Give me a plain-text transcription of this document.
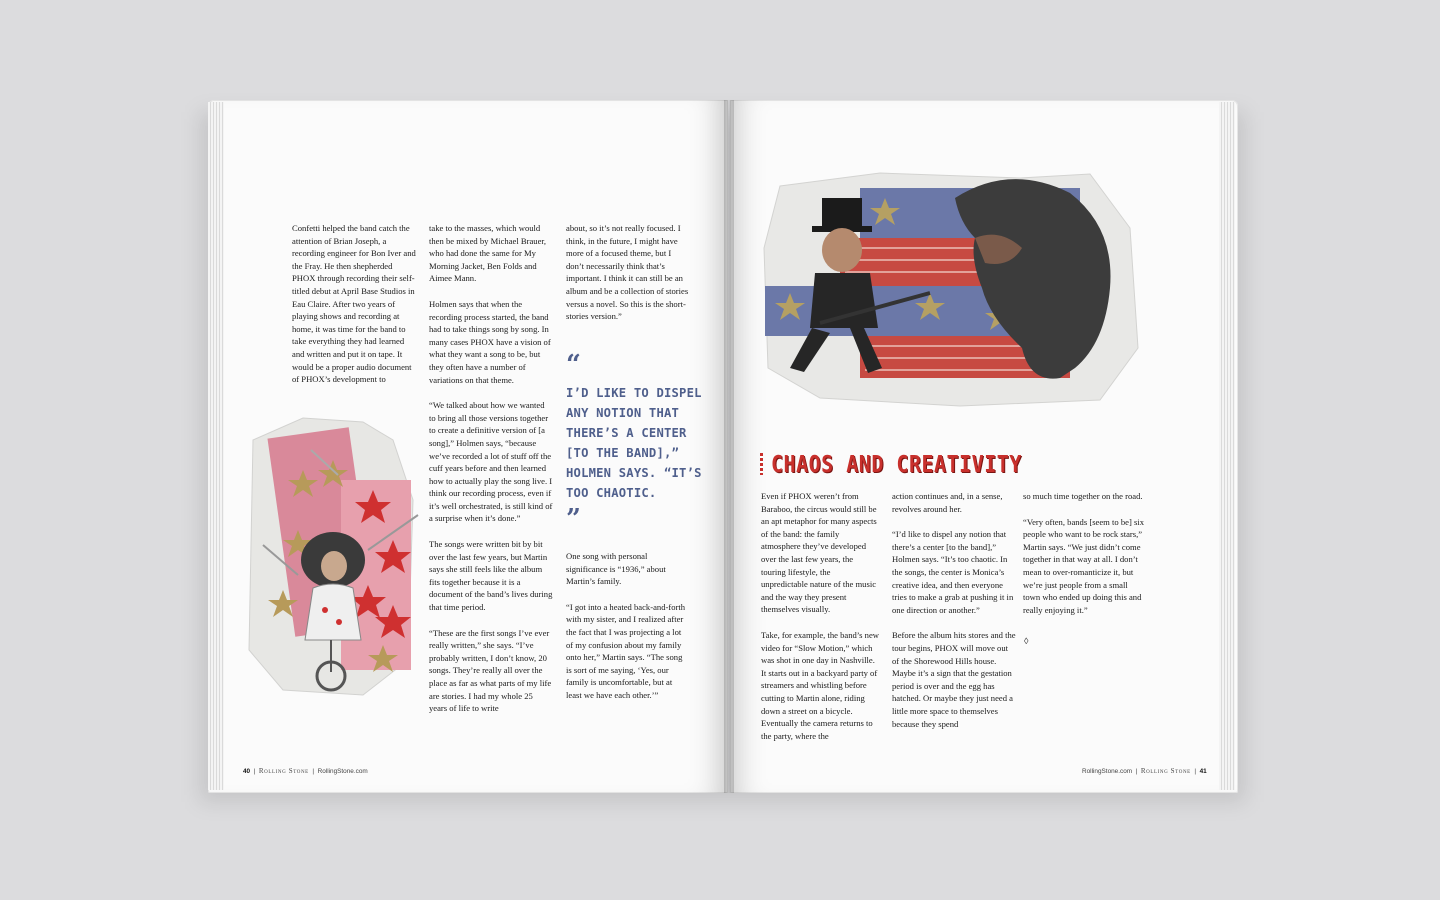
Confetti helped the band catch the attention of Brian Joseph, a recording engineer for Bon Iver and the Fray. He then shepherded PHOX through recording their self-titled debut at April Base Studios in Eau Claire. After two years of playing shows and recording at home, it was time for the band to take everything they had learned and written and put it on tape. It would be a proper audio document of PHOX’s development to

take to the masses, which would then be mixed by Michael Brauer, who had done the same for My Morning Jacket, Ben Folds and Aimee Mann.

Holmen says that when the recording process started, the band had to take things song by song. In many cases PHOX have a vision of what they want a song to be, but they often have a number of variations on that theme.

“We talked about how we wanted to bring all those versions together to create a definitive version of [a song],” Holmen says, “because we’ve recorded a lot of stuff off the cuff years before and then learned how to actually play the song live. I think our recording process, even if it’s well orchestrated, is still kind of a surprise when it’s done.”

The songs were written bit by bit over the last few years, but Martin says she still feels like the album fits together because it is a document of the band’s lives during that time period.

“These are the first songs I’ve ever really written,” she says. “I’ve probably written, I don’t know, 20 songs. They’re really all over the place as far as what parts of my life are stories. I had my whole 25 years of life to write

about, so it’s not really focused. I think, in the future, I might have more of a focused theme, but I don’t necessarily think that’s important. I think it can still be an album and be a collection of stories versus a novel. So this is the short-stories version.”

“
I’D LIKE TO DISPEL ANY NOTION THAT THERE’S A CENTER [TO THE BAND],” HOLMEN SAYS. “IT’S TOO CHAOTIC.
”

One song with personal significance is “1936,” about Martin’s family.

“I got into a heated back-and-forth with my sister, and I realized after the fact that I was projecting a lot of my confusion about my family onto her,” Martin says. “The song is sort of me saying, ‘Yes, our family is uncomfortable, but at least we have each other.’”

CHAOS AND CREATIVITY

Even if PHOX weren’t from Baraboo, the circus would still be an apt metaphor for many aspects of the band: the family atmosphere they’ve developed over the last few years, the touring lifestyle, the unpredictable nature of the music and the way they present themselves visually.

Take, for example, the band’s new video for “Slow Motion,” which was shot in one day in Nashville. It starts out in a backyard party of streamers and whistling before cutting to Martin alone, riding down a street on a bicycle. Eventually the camera returns to the party, where the

action continues and, in a sense, revolves around her.

“I’d like to dispel any notion that there’s a center [to the band],” Holmen says. “It’s too chaotic. In the songs, the center is Monica’s creative idea, and then everyone tries to make a grab at pushing it in one direction or another.”

Before the album hits stores and the tour begins, PHOX will move out of the Shorewood Hills house. Maybe it’s a sign that the gestation period is over and the egg has hatched. Or maybe they just need a little more space to themselves because they spend

so much time together on the road.

“Very often, bands [seem to be] six people who want to be rock stars,” Martin says. “We just didn’t come together in that way at all. I don’t mean to over-romanticize it, but we’re just people from a small town who ended up doing this and really enjoying it.”

◊
40  |  Rolling Stone  |  RollingStone.com	RollingStone.com  |  Rolling Stone  |  41
